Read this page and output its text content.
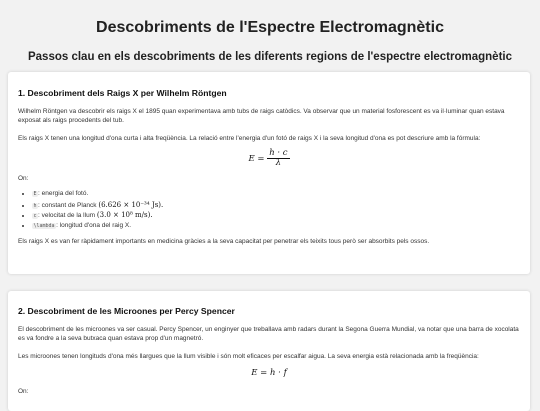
Descobriments de l'Espectre Electromagnètic
Passos clau en els descobriments de les diferents regions de l'espectre electromagnètic
1. Descobriment dels Raigs X per Wilhelm Röntgen

Wilhelm Röntgen va descobrir els raigs X el 1895 quan experimentava amb tubs de raigs catòdics. Va observar que un material fosforescent es va il·luminar quan estava exposat als raigs procedents del tub.

Els raigs X tenen una longitud d'ona curta i alta freqüència. La relació entre l'energia d'un fotó de raigs X i la seva longitud d'ona es pot descriure amb la fórmula:

$E = \frac{h \cdot c}{\lambda}$

On:

• E : energia del fotó.
• h : constant de Planck (6.626 × 10⁻³⁴ Js).
• c : velocitat de la llum (3.0 × 10⁸ m/s).
• \lambda : longitud d'ona del raig X.

Els raigs X es van fer ràpidament importants en medicina gràcies a la seva capacitat per penetrar els teixits tous però ser absorbits pels ossos.

2. Descobriment de les Microones per Percy Spencer

El descobriment de les microones va ser casual. Percy Spencer, un enginyer que treballava amb radars durant la Segona Guerra Mundial, va notar que una barra de xocolata es va fondre a la seva butxaca quan estava prop d'un magnetró.

Les microones tenen longituds d'ona més llargues que la llum visible i són molt eficaces per escalfar aigua. La seva energia està relacionada amb la freqüència:

E = h · f

On:
